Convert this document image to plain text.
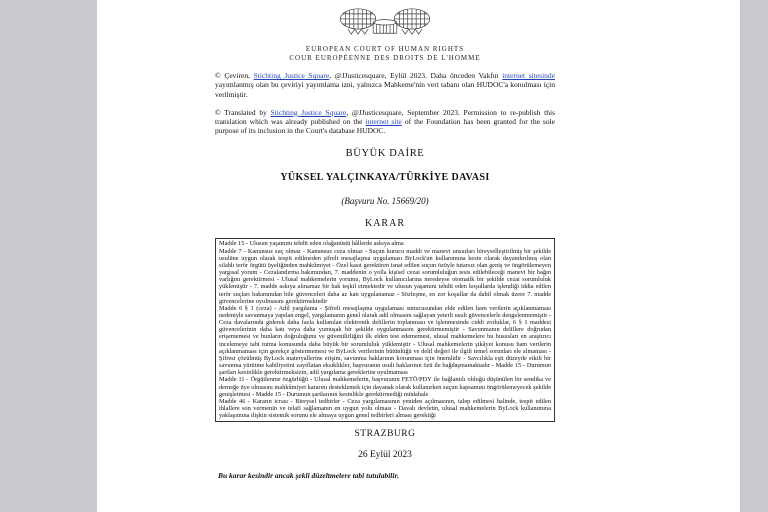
EUROPEAN COURT OF HUMAN RIGHTS

COUR EUROPÉENNE DES DROITS DE L'HOMME

© Çeviren, Stichting Justice Square, @JJusticesquare, Eylül 2023. Daha önceden Vakfın internet sitesinde yayımlanmış olan bu çeviriyi yayımlama izni, yalnızca Mahkeme'nin veri tabanı olan HUDOC'a konulması için verilmiştir.

© Translated by Stichting Justice Square, @JJusticesquare, September 2023. Permission to re-publish this translation which was already published on the internet site of the Foundation has been granted for the sole purpose of its inclusion in the Court's database HUDOC.

BÜYÜK DAİRE

YÜKSEL YALÇINKAYA/TÜRKİYE DAVASI

(Başvuru No. 15669/20)

KARAR

Madde 15 - Ulusun yaşamını tehdit eden olağanüstü hâllerde askıya alma

Madde 7 - Kanunsuz suç olmaz - Kanunsuz ceza olmaz - Suçun kurucu maddi ve manevi unsurları bireyselleştirilmiş bir şekilde usulüne uygun olarak tespit edilmeden şifreli mesajlaşma uygulaması ByLock'un kullanımına kesin olarak dayandırılmış olan silahlı terör örgütü üyeliğinden mahkûmiyet - Özel kasıt gerektiren isnat edilen suçun özüyle tutarsız olan geniş ve öngörülemeyen yargısal yorum - Cezalandırma bakımından, 7. maddenin o yolla kişisel cezai sorumluluğun tesis edilebileceği manevi bir bağın varlığını gerektirmesi - Ulusal mahkemelerin yorumu, ByLock kullanıcılarına neredeyse otomatik bir şekilde cezai sorumluluk yüklemiştir - 7. madde askıya alınamaz bir hak teşkil etmektedir ve ulusun yaşamını tehdit eden koşullarda işlendiği iddia edilen terör suçları bakımından bile güvenceleri daha az katı uygulanamaz - Sözleşme, en zor koşullar da dahil olmak üzere 7. madde güvencelerine uyulmasını gerektirmektedir

Madde 6 § 1 (ceza) - Adil yargılama - Şifreli mesajlaşma uygulaması sunucusundan elde edilen ham verilerin açıklanmaması nedeniyle savunmaya yapılan engel, yargılamanın genel olarak adil olmasını sağlayan yeterli usuli güvencelerle dengelenmemiştir - Ceza davalarında giderek daha fazla kullanılan elektronik delillerin toplanması ve işlenmesinde ciddi zorluklar, 6 § 1 maddesi güvencelerinin daha katı veya daha yumuşak bir şekilde uygulanmasını gerektirmemiştir - Savunmanın delillere doğrudan erişememesi ve bunların doğruluğunu ve güvenilirliğini ilk elden test edememesi, ulusal mahkemelere bu hususları en araştırıcı incelemeye tabi tutma konusunda daha büyük bir sorumluluk yüklemiştir - Ulusal mahkemelerin şikâyet konusu ham verilerin açıklanmaması için gerekçe göstermemesi ve ByLock verilerinin bütünlüğü ve delil değeri ile ilgili temel sorunları ele almaması - Şifresi çözülmüş ByLock materyallerine erişim, savunma haklarının korunması için önemlidir - Savcılıkla eşit düzeyde etkili bir savunma yürütme kabiliyetini zayıflatan eksiklikler, başvuranın usuli haklarının özü ile bağdaşmamaktadır - Madde 15 - Durumun şartları kesinlikle gerektirmeksizin, adil yargılama gereklerine uyulmaması

Madde 11 - Örgütlenme özgürlüğü - Ulusal mahkemelerin, başvuranın FETÖ/PDY ile bağlantılı olduğu düşünülen bir sendika ve derneğe üye olmasını mahkûmiyet kararını desteklemek için dayanak olarak kullanırken suçun kapsamını öngörülemeyecek şekilde genişletmesi - Madde 15 - Durumun şartlarının kesinlikle gerektirmediği müdahale

Madde 46 - Kararın icrası - Bireysel tedbirler - Ceza yargılamasının yeniden açılmasının, talep edilmesi halinde, tespit edilen ihlallere son vermenin ve telafi sağlamanın en uygun yolu olması - Davalı devletin, ulusal mahkemelerin ByLock kullanımına yaklaşımına ilişkin sistemik sorunu ele almaya uygun genel tedbirleri alması gerektiği

STRAZBURG

26 Eylül 2023

Bu karar kesindir ancak şekli düzeltmelere tabi tutulabilir.
